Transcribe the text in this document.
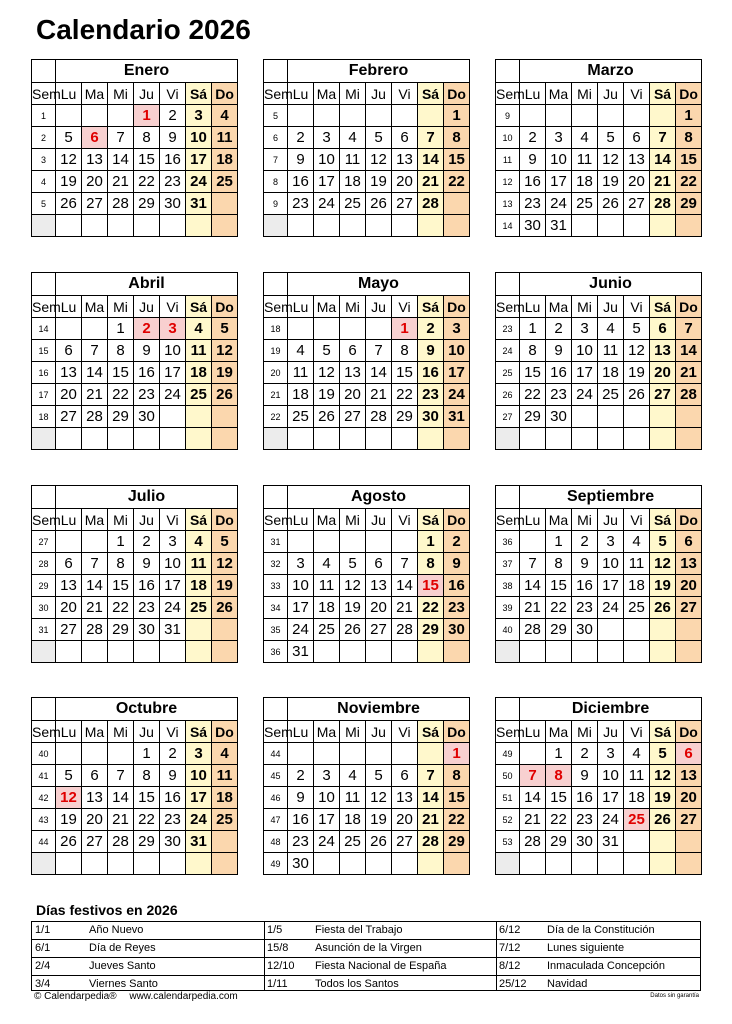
Calendario 2026
	Enero						
Sem.	Lu	Ma	Mi	Ju	Vi	Sá	Do
1				1	2	3	4
2	5	6	7	8	9	10	11
3	12	13	14	15	16	17	18
4	19	20	21	22	23	24	25
5	26	27	28	29	30	31	

	Febrero						
Sem.	Lu	Ma	Mi	Ju	Vi	Sá	Do
5							1
6	2	3	4	5	6	7	8
7	9	10	11	12	13	14	15
8	16	17	18	19	20	21	22
9	23	24	25	26	27	28	

	Marzo						
Sem.	Lu	Ma	Mi	Ju	Vi	Sá	Do
9							1
10	2	3	4	5	6	7	8
11	9	10	11	12	13	14	15
12	16	17	18	19	20	21	22
13	23	24	25	26	27	28	29
14	30	31					
	Abril						
Sem.	Lu	Ma	Mi	Ju	Vi	Sá	Do
14			1	2	3	4	5
15	6	7	8	9	10	11	12
16	13	14	15	16	17	18	19
17	20	21	22	23	24	25	26
18	27	28	29	30			

	Mayo						
Sem.	Lu	Ma	Mi	Ju	Vi	Sá	Do
18					1	2	3
19	4	5	6	7	8	9	10
20	11	12	13	14	15	16	17
21	18	19	20	21	22	23	24
22	25	26	27	28	29	30	31

	Junio						
Sem.	Lu	Ma	Mi	Ju	Vi	Sá	Do
23	1	2	3	4	5	6	7
24	8	9	10	11	12	13	14
25	15	16	17	18	19	20	21
26	22	23	24	25	26	27	28
27	29	30					

	Julio						
Sem.	Lu	Ma	Mi	Ju	Vi	Sá	Do
27			1	2	3	4	5
28	6	7	8	9	10	11	12
29	13	14	15	16	17	18	19
30	20	21	22	23	24	25	26
31	27	28	29	30	31		

	Agosto						
Sem.	Lu	Ma	Mi	Ju	Vi	Sá	Do
31						1	2
32	3	4	5	6	7	8	9
33	10	11	12	13	14	15	16
34	17	18	19	20	21	22	23
35	24	25	26	27	28	29	30
36	31						
	Septiembre						
Sem.	Lu	Ma	Mi	Ju	Vi	Sá	Do
36		1	2	3	4	5	6
37	7	8	9	10	11	12	13
38	14	15	16	17	18	19	20
39	21	22	23	24	25	26	27
40	28	29	30				

	Octubre						
Sem.	Lu	Ma	Mi	Ju	Vi	Sá	Do
40				1	2	3	4
41	5	6	7	8	9	10	11
42	12	13	14	15	16	17	18
43	19	20	21	22	23	24	25
44	26	27	28	29	30	31	

	Noviembre						
Sem.	Lu	Ma	Mi	Ju	Vi	Sá	Do
44							1
45	2	3	4	5	6	7	8
46	9	10	11	12	13	14	15
47	16	17	18	19	20	21	22
48	23	24	25	26	27	28	29
49	30						
	Diciembre						
Sem.	Lu	Ma	Mi	Ju	Vi	Sá	Do
49		1	2	3	4	5	6
50	7	8	9	10	11	12	13
51	14	15	16	17	18	19	20
52	21	22	23	24	25	26	27
53	28	29	30	31			

Días festivos en 2026
1/1	Año Nuevo
6/1	Día de Reyes
2/4	Jueves Santo
3/4	Viernes Santo
1/5	Fiesta del Trabajo
15/8 Asunción de la Virgen
12/10 Fiesta Nacional de España
1/11 Todos los Santos
6/12 Día de la Constitución
7/12 Lunes siguiente
8/12 Inmaculada Concepción
25/12 Navidad
© Calendarpedia® www.calendarpedia.com	Datos sin garantía
